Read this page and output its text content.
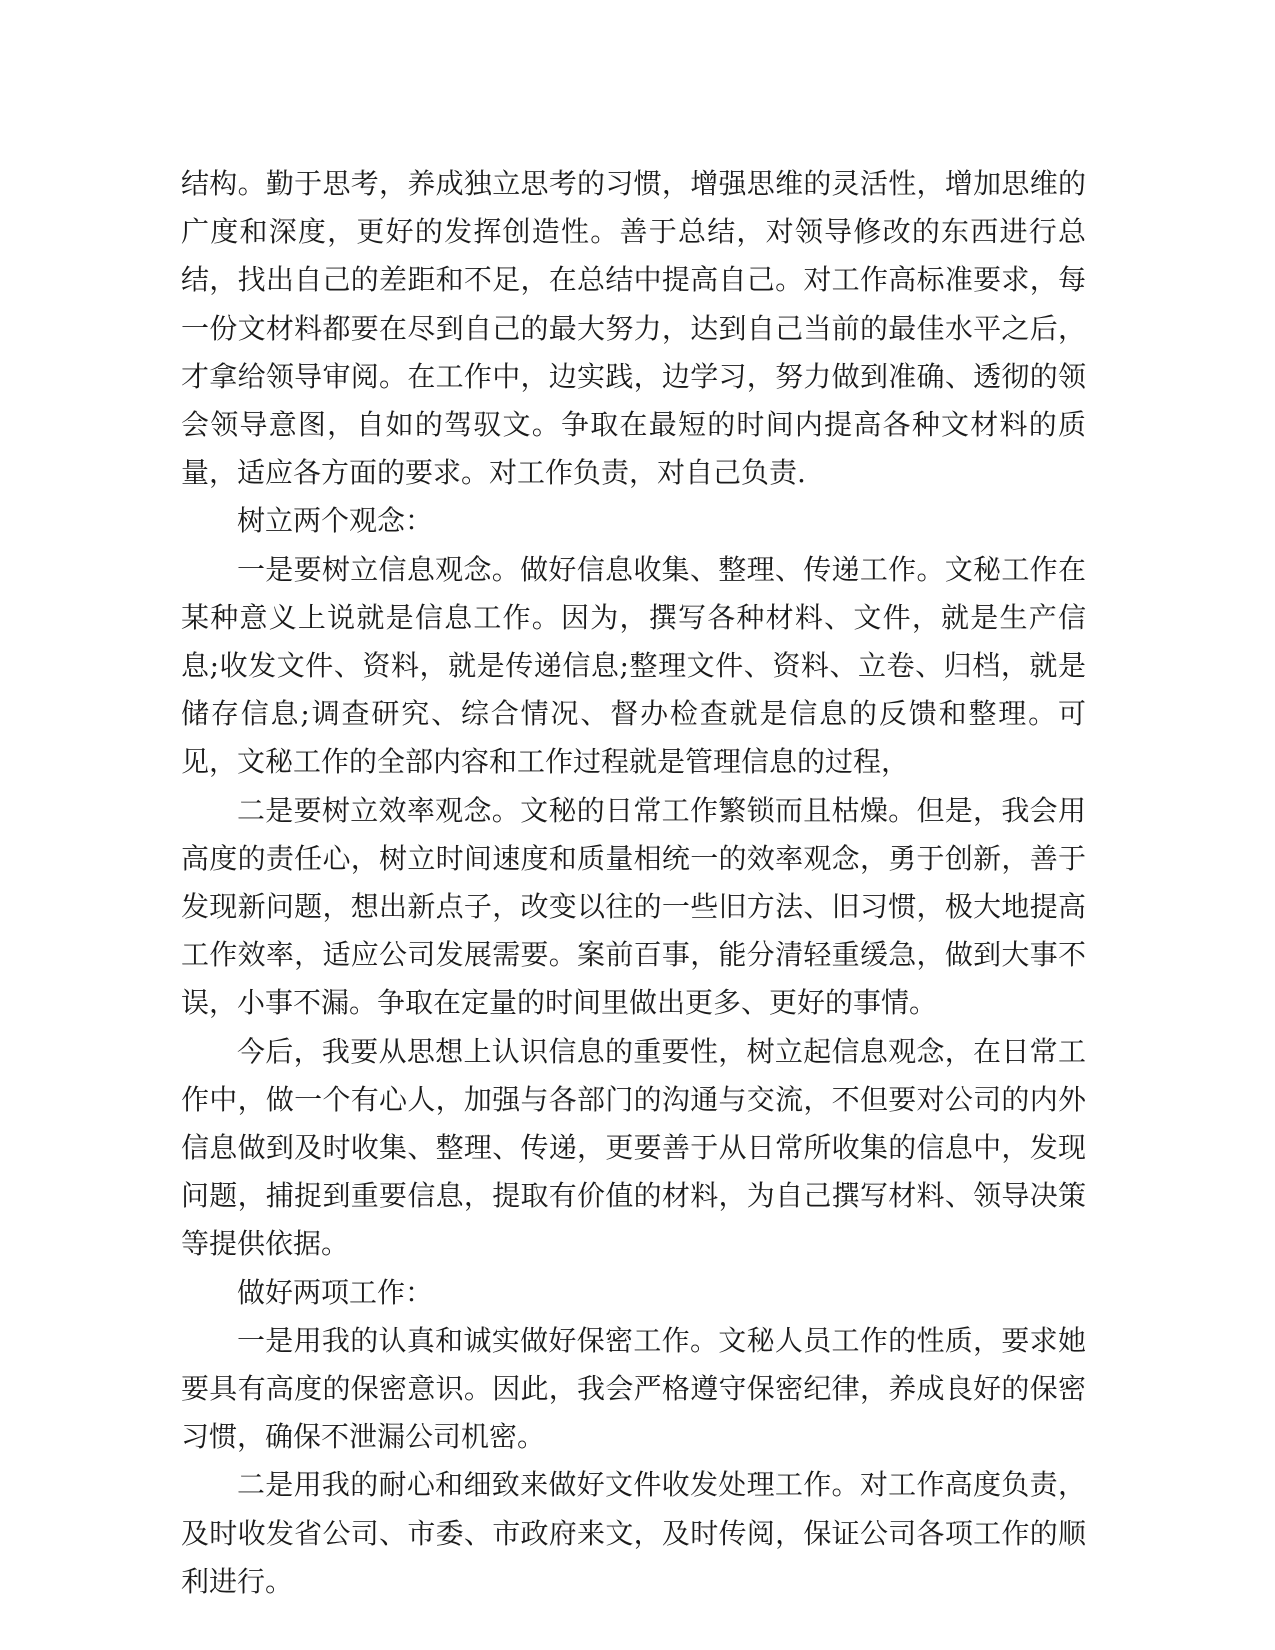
结构。勤于思考，养成独立思考的习惯，增强思维的灵活性，增加思维的广度和深度，更好的发挥创造性。善于总结，对领导修改的东西进行总结，找出自己的差距和不足，在总结中提高自己。对工作高标准要求，每一份文材料都要在尽到自己的最大努力，达到自己当前的最佳水平之后，才拿给领导审阅。在工作中，边实践，边学习，努力做到准确、透彻的领会领导意图，自如的驾驭文。争取在最短的时间内提高各种文材料的质量，适应各方面的要求。对工作负责，对自己负责.

树立两个观念：

一是要树立信息观念。做好信息收集、整理、传递工作。文秘工作在某种意义上说就是信息工作。因为，撰写各种材料、文件，就是生产信息;收发文件、资料，就是传递信息;整理文件、资料、立卷、归档，就是储存信息;调查研究、综合情况、督办检查就是信息的反馈和整理。可见，文秘工作的全部内容和工作过程就是管理信息的过程，

二是要树立效率观念。文秘的日常工作繁锁而且枯燥。但是，我会用高度的责任心，树立时间速度和质量相统一的效率观念，勇于创新，善于发现新问题，想出新点子，改变以往的一些旧方法、旧习惯，极大地提高工作效率，适应公司发展需要。案前百事，能分清轻重缓急，做到大事不误，小事不漏。争取在定量的时间里做出更多、更好的事情。

今后，我要从思想上认识信息的重要性，树立起信息观念，在日常工作中，做一个有心人，加强与各部门的沟通与交流，不但要对公司的内外信息做到及时收集、整理、传递，更要善于从日常所收集的信息中，发现问题，捕捉到重要信息，提取有价值的材料，为自己撰写材料、领导决策等提供依据。

做好两项工作：

一是用我的认真和诚实做好保密工作。文秘人员工作的性质，要求她要具有高度的保密意识。因此，我会严格遵守保密纪律，养成良好的保密习惯，确保不泄漏公司机密。

二是用我的耐心和细致来做好文件收发处理工作。对工作高度负责，及时收发省公司、市委、市政府来文，及时传阅，保证公司各项工作的顺利进行。
